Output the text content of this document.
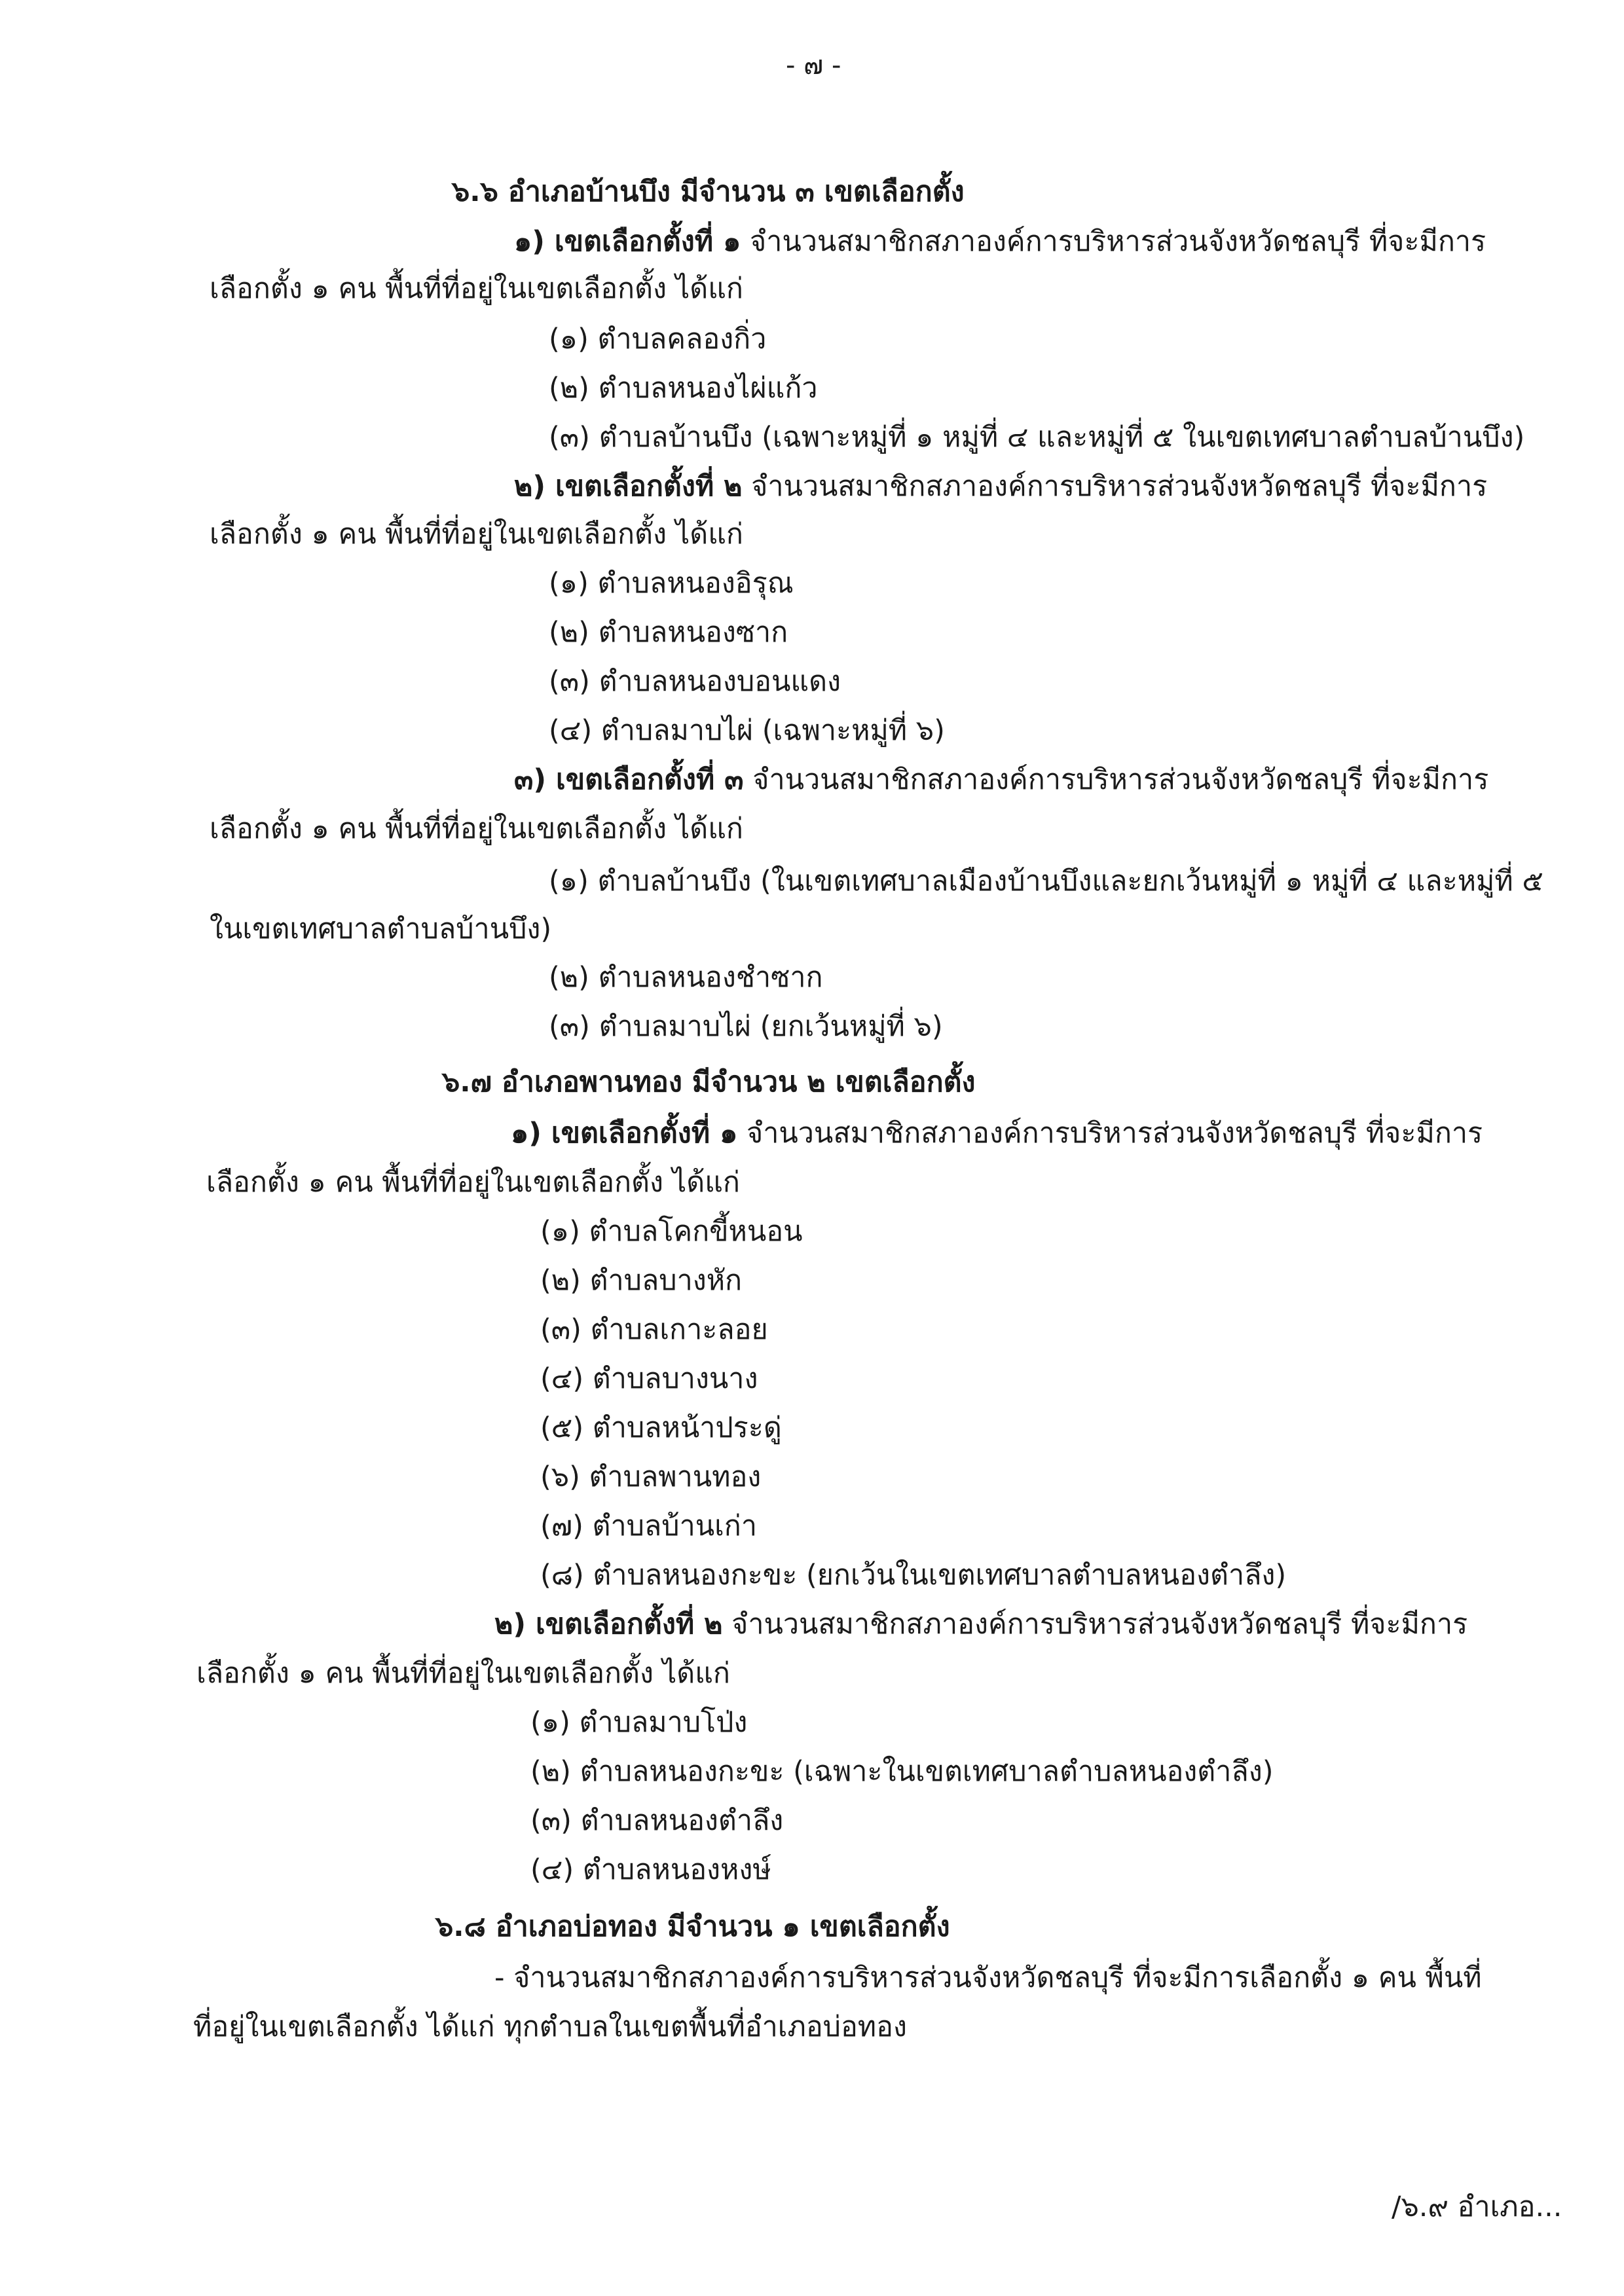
- ๗ -
๖.๖ อำเภอบ้านบึง มีจำนวน ๓ เขตเลือกตั้ง
๑) เขตเลือกตั้งที่ ๑ จำนวนสมาชิกสภาองค์การบริหารส่วนจังหวัดชลบุรี ที่จะมีการ
เลือกตั้ง ๑ คน พื้นที่ที่อยู่ในเขตเลือกตั้ง ได้แก่
(๑) ตำบลคลองกิ่ว
(๒) ตำบลหนองไผ่แก้ว
(๓) ตำบลบ้านบึง (เฉพาะหมู่ที่ ๑ หมู่ที่ ๔ และหมู่ที่ ๕ ในเขตเทศบาลตำบลบ้านบึง)
๒) เขตเลือกตั้งที่ ๒ จำนวนสมาชิกสภาองค์การบริหารส่วนจังหวัดชลบุรี ที่จะมีการ
เลือกตั้ง ๑ คน พื้นที่ที่อยู่ในเขตเลือกตั้ง ได้แก่
(๑) ตำบลหนองอิรุณ
(๒) ตำบลหนองซาก
(๓) ตำบลหนองบอนแดง
(๔) ตำบลมาบไผ่ (เฉพาะหมู่ที่ ๖)
๓) เขตเลือกตั้งที่ ๓ จำนวนสมาชิกสภาองค์การบริหารส่วนจังหวัดชลบุรี ที่จะมีการ
เลือกตั้ง ๑ คน พื้นที่ที่อยู่ในเขตเลือกตั้ง ได้แก่
(๑) ตำบลบ้านบึง (ในเขตเทศบาลเมืองบ้านบึงและยกเว้นหมู่ที่ ๑ หมู่ที่ ๔ และหมู่ที่ ๕
ในเขตเทศบาลตำบลบ้านบึง)
(๒) ตำบลหนองชำซาก
(๓) ตำบลมาบไผ่ (ยกเว้นหมู่ที่ ๖)
๖.๗ อำเภอพานทอง มีจำนวน ๒ เขตเลือกตั้ง
๑) เขตเลือกตั้งที่ ๑ จำนวนสมาชิกสภาองค์การบริหารส่วนจังหวัดชลบุรี ที่จะมีการ
เลือกตั้ง ๑ คน พื้นที่ที่อยู่ในเขตเลือกตั้ง ได้แก่
(๑) ตำบลโคกขี้หนอน
(๒) ตำบลบางหัก
(๓) ตำบลเกาะลอย
(๔) ตำบลบางนาง
(๕) ตำบลหน้าประดู่
(๖) ตำบลพานทอง
(๗) ตำบลบ้านเก่า
(๘) ตำบลหนองกะขะ (ยกเว้นในเขตเทศบาลตำบลหนองตำลึง)
๒) เขตเลือกตั้งที่ ๒ จำนวนสมาชิกสภาองค์การบริหารส่วนจังหวัดชลบุรี ที่จะมีการ
เลือกตั้ง ๑ คน พื้นที่ที่อยู่ในเขตเลือกตั้ง ได้แก่
(๑) ตำบลมาบโป่ง
(๒) ตำบลหนองกะขะ (เฉพาะในเขตเทศบาลตำบลหนองตำลึง)
(๓) ตำบลหนองตำลึง
(๔) ตำบลหนองหงษ์
๖.๘ อำเภอบ่อทอง มีจำนวน ๑ เขตเลือกตั้ง
- จำนวนสมาชิกสภาองค์การบริหารส่วนจังหวัดชลบุรี ที่จะมีการเลือกตั้ง ๑ คน พื้นที่
ที่อยู่ในเขตเลือกตั้ง ได้แก่ ทุกตำบลในเขตพื้นที่อำเภอบ่อทอง
/๖.๙ อำเภอ...
